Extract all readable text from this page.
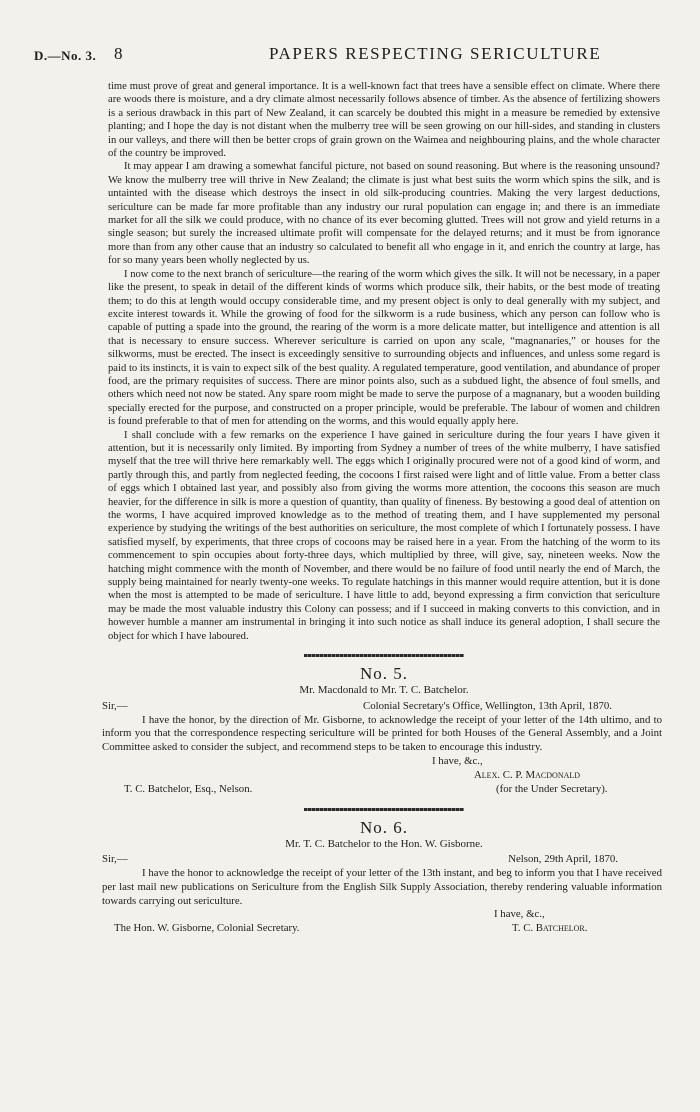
D.—No. 3. 8	PAPERS RESPECTING SERICULTURE

time must prove of great and general importance. It is a well-known fact that trees have a sensible effect on climate. Where there are woods there is moisture, and a dry climate almost necessarily follows absence of timber. As the absence of fertilizing showers is a serious drawback in this part of New Zealand, it can scarcely be doubted this might in a measure be remedied by extensive planting; and I hope the day is not distant when the mulberry tree will be seen growing on our hill-sides, and standing in clusters in our valleys, and there will then be better crops of grain grown on the Waimea and neighbouring plains, and the whole character of the country be improved.

It may appear I am drawing a somewhat fanciful picture, not based on sound reasoning. But where is the reasoning unsound? We know the mulberry tree will thrive in New Zealand; the climate is just what best suits the worm which spins the silk, and is untainted with the disease which destroys the insect in old silk-producing countries. Making the very largest deductions, sericulture can be made far more profitable than any industry our rural population can engage in; and there is an immediate market for all the silk we could produce, with no chance of its ever becoming glutted. Trees will not grow and yield returns in a single season; but surely the increased ultimate profit will compensate for the delayed returns; and it must be from ignorance more than from any other cause that an industry so calculated to benefit all who engage in it, and enrich the country at large, has for so many years been wholly neglected by us.

I now come to the next branch of sericulture—the rearing of the worm which gives the silk. It will not be necessary, in a paper like the present, to speak in detail of the different kinds of worms which produce silk, their habits, or the best mode of treating them; to do this at length would occupy considerable time, and my present object is only to deal generally with my subject, and excite interest towards it. While the growing of food for the silkworm is a rude business, which any person can follow who is capable of putting a spade into the ground, the rearing of the worm is a more delicate matter, but intelligence and attention is all that is necessary to ensure success. Wherever sericulture is carried on upon any scale, “magnanaries,” or houses for the silkworms, must be erected. The insect is exceedingly sensitive to surrounding objects and influences, and unless some regard is paid to its instincts, it is vain to expect silk of the best quality. A regulated temperature, good ventilation, and abundance of proper food, are the primary requisites of success. There are minor points also, such as a subdued light, the absence of foul smells, and others which need not now be stated. Any spare room might be made to serve the purpose of a magnanary, but a wooden building specially erected for the purpose, and constructed on a proper principle, would be preferable. The labour of women and children is found preferable to that of men for attending on the worms, and this would equally apply here.

I shall conclude with a few remarks on the experience I have gained in sericulture during the four years I have given it attention, but it is necessarily only limited. By importing from Sydney a number of trees of the white mulberry, I have satisfied myself that the tree will thrive here remarkably well. The eggs which I originally procured were not of a good kind of worm, and partly through this, and partly from neglected feeding, the cocoons I first raised were light and of little value. From a better class of eggs which I obtained last year, and possibly also from giving the worms more attention, the cocoons this season are much heavier, for the difference in silk is more a question of quantity, than quality of fineness. By bestowing a good deal of attention on the worms, I have acquired improved knowledge as to the method of treating them, and I have supplemented my personal experience by studying the writings of the best authorities on sericulture, the most complete of which I fortunately possess. I have satisfied myself, by experiments, that three crops of cocoons may be raised here in a year. From the hatching of the worm to its commencement to spin occupies about forty-three days, which multiplied by three, will give, say, nineteen weeks. Now the hatching might commence with the month of November, and there would be no failure of food until nearly the end of March, the supply being maintained for nearly twenty-one weeks. To regulate hatchings in this manner would require attention, but it is done when the most is attempted to be made of sericulture. I have little to add, beyond expressing a firm conviction that sericulture may be made the most valuable industry this Colony can possess; and if I succeed in making converts to this conviction, and in however humble a manner am instrumental in bringing it into such notice as shall induce its general adoption, I shall secure the object for which I have laboured.

No. 5.
Mr. Macdonald to Mr. T. C. Batchelor.
Sir,—	Colonial Secretary's Office, Wellington, 13th April, 1870.

I have the honor, by the direction of Mr. Gisborne, to acknowledge the receipt of your letter of the 14th ultimo, and to inform you that the correspondence respecting sericulture will be printed for both Houses of the General Assembly, and a Joint Committee asked to consider the subject, and recommend steps to be taken to encourage this industry.

I have, &c.,
Alex. C. P. Macdonald
T. C. Batchelor, Esq., Nelson.	(for the Under Secretary).
No. 6.
Mr. T. C. Batchelor to the Hon. W. Gisborne.
Sir,—	Nelson, 29th April, 1870.

I have the honor to acknowledge the receipt of your letter of the 13th instant, and beg to inform you that I have received per last mail new publications on Sericulture from the English Silk Supply Association, thereby rendering valuable information towards carrying out sericulture.

I have, &c.,
The Hon. W. Gisborne, Colonial Secretary.	T. C. Batchelor.
